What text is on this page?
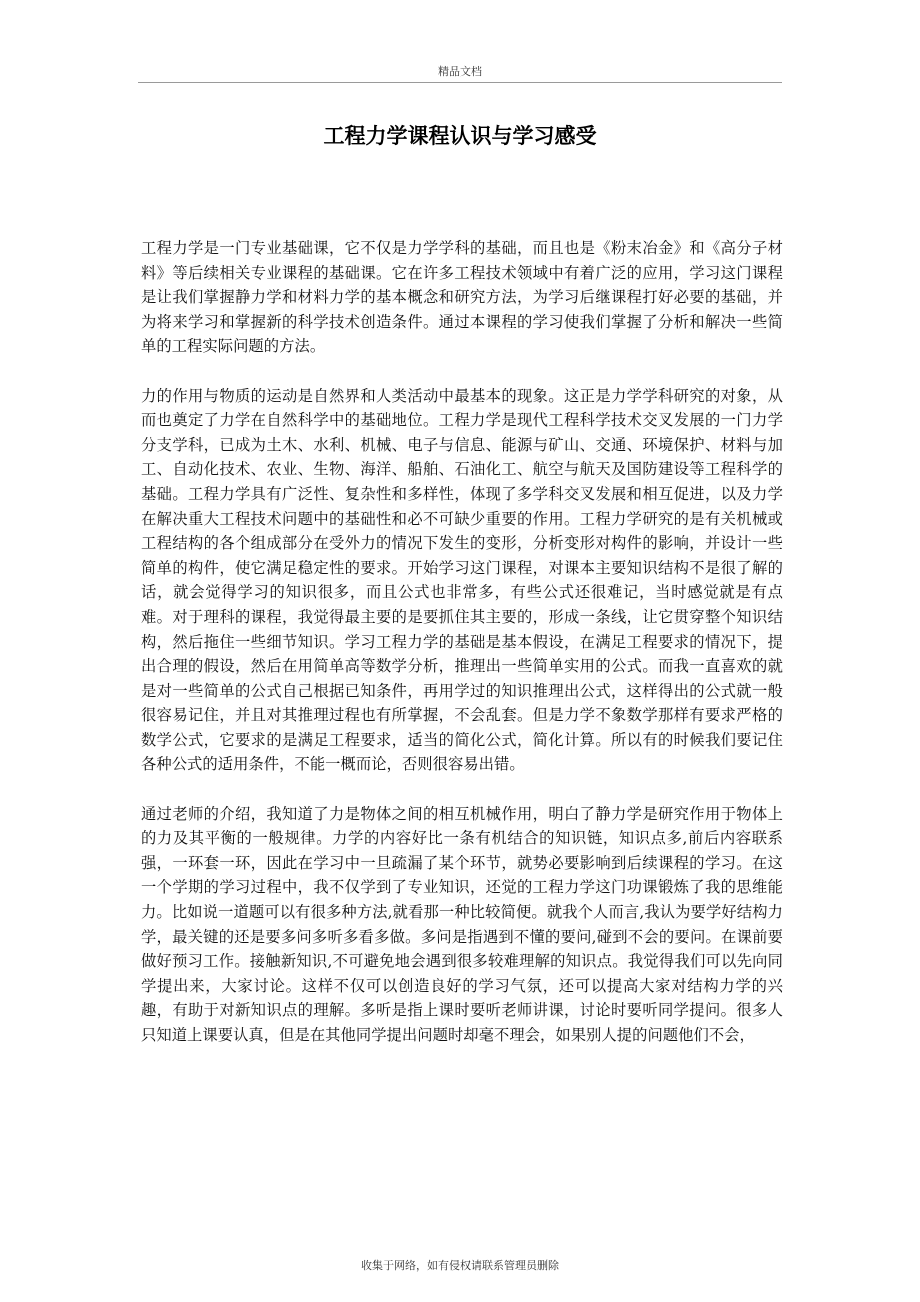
精品文档
工程力学课程认识与学习感受

工程力学是一门专业基础课，它不仅是力学学科的基础，而且也是《粉末冶金》和《高分子材料》等后续相关专业课程的基础课。它在许多工程技术领域中有着广泛的应用，学习这门课程是让我们掌握静力学和材料力学的基本概念和研究方法，为学习后继课程打好必要的基础，并为将来学习和掌握新的科学技术创造条件。通过本课程的学习使我们掌握了分析和解决一些简单的工程实际问题的方法。

力的作用与物质的运动是自然界和人类活动中最基本的现象。这正是力学学科研究的对象，从而也奠定了力学在自然科学中的基础地位。工程力学是现代工程科学技术交叉发展的一门力学分支学科，已成为土木、水利、机械、电子与信息、能源与矿山、交通、环境保护、材料与加工、自动化技术、农业、生物、海洋、船舶、石油化工、航空与航天及国防建设等工程科学的基础。工程力学具有广泛性、复杂性和多样性，体现了多学科交叉发展和相互促进，以及力学在解决重大工程技术问题中的基础性和必不可缺少重要的作用。工程力学研究的是有关机械或工程结构的各个组成部分在受外力的情况下发生的变形，分析变形对构件的影响，并设计一些简单的构件，使它满足稳定性的要求。开始学习这门课程，对课本主要知识结构不是很了解的话，就会觉得学习的知识很多，而且公式也非常多，有些公式还很难记，当时感觉就是有点难。对于理科的课程，我觉得最主要的是要抓住其主要的，形成一条线，让它贯穿整个知识结构，然后拖住一些细节知识。学习工程力学的基础是基本假设，在满足工程要求的情况下，提出合理的假设，然后在用简单高等数学分析，推理出一些简单实用的公式。而我一直喜欢的就是对一些简单的公式自己根据已知条件，再用学过的知识推理出公式，这样得出的公式就一般很容易记住，并且对其推理过程也有所掌握，不会乱套。但是力学不象数学那样有要求严格的数学公式，它要求的是满足工程要求，适当的简化公式，简化计算。所以有的时候我们要记住各种公式的适用条件，不能一概而论，否则很容易出错。

通过老师的介绍，我知道了力是物体之间的相互机械作用，明白了静力学是研究作用于物体上的力及其平衡的一般规律。力学的内容好比一条有机结合的知识链，知识点多,前后内容联系强，一环套一环，因此在学习中一旦疏漏了某个环节，就势必要影响到后续课程的学习。在这一个学期的学习过程中，我不仅学到了专业知识，还觉的工程力学这门功课锻炼了我的思维能力。比如说一道题可以有很多种方法,就看那一种比较简便。就我个人而言,我认为要学好结构力学，最关键的还是要多问多听多看多做。多问是指遇到不懂的要问,碰到不会的要问。在课前要做好预习工作。接触新知识,不可避免地会遇到很多较难理解的知识点。我觉得我们可以先向同学提出来，大家讨论。这样不仅可以创造良好的学习气氛，还可以提高大家对结构力学的兴趣，有助于对新知识点的理解。多听是指上课时要听老师讲课，讨论时要听同学提问。很多人只知道上课要认真，但是在其他同学提出问题时却毫不理会，如果别人提的问题他们不会，

收集于网络，如有侵权请联系管理员删除
